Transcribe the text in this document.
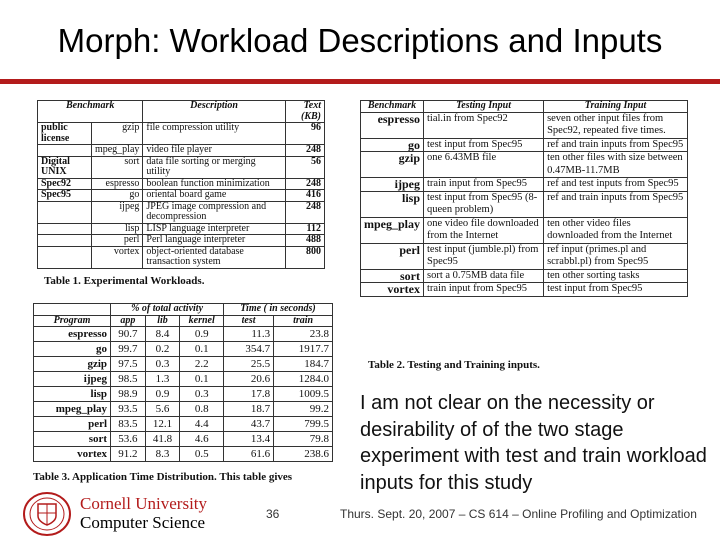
Morph: Workload Descriptions and Inputs
Benchmark		Description	Text (KB)
public license	gzip	file compression utility	96
	mpeg_play	video file player	248
Digital UNIX	sort	data file sorting or merging utility	56
Spec92	espresso	boolean function minimization	248
Spec95	go	oriental board game	416
	ijpeg	JPEG image compression and decompression	248
	lisp	LISP language interpreter	112
	perl	Perl language interpreter	488
	vortex	object-oriented database transaction system	800
Table 1. Experimental Workloads.
Benchmark	Testing Input	Training Input
espresso	tial.in from Spec92	seven other input files from Spec92, repeated five times.
go	test input from Spec95	ref and train inputs from Spec95
gzip	one 6.43MB file	ten other files with size between 0.47MB-11.7MB
ijpeg	train input from Spec95	ref and test inputs from Spec95
lisp	test input from Spec95 (8-queen problem)	ref and train inputs from Spec95
mpeg_play	one video file downloaded from the Internet	ten other video files downloaded from the Internet
perl	test input (jumble.pl) from Spec95	ref input (primes.pl and scrabbl.pl) from Spec95
sort	sort a 0.75MB data file	ten other sorting tasks
vortex	train input from Spec95	test input from Spec95
Table 2. Testing and Training inputs.
	% of total activity			Time ( in seconds)	
Program	app	lib	kernel	test	train
espresso	90.7	8.4	0.9	11.3	23.8
go	99.7	0.2	0.1	354.7	1917.7
gzip	97.5	0.3	2.2	25.5	184.7
ijpeg	98.5	1.3	0.1	20.6	1284.0
lisp	98.9	0.9	0.3	17.8	1009.5
mpeg_play	93.5	5.6	0.8	18.7	99.2
perl	83.5	12.1	4.4	43.7	799.5
sort	53.6	41.8	4.6	13.4	79.8
vortex	91.2	8.3	0.5	61.6	238.6
Table 3. Application Time Distribution. This table gives
I am not clear on the necessity or desirability of of the two stage experiment with test and train workload inputs for this study
Cornell University
Computer Science	36	Thurs. Sept. 20, 2007 – CS 614 – Online Profiling and Optimization
